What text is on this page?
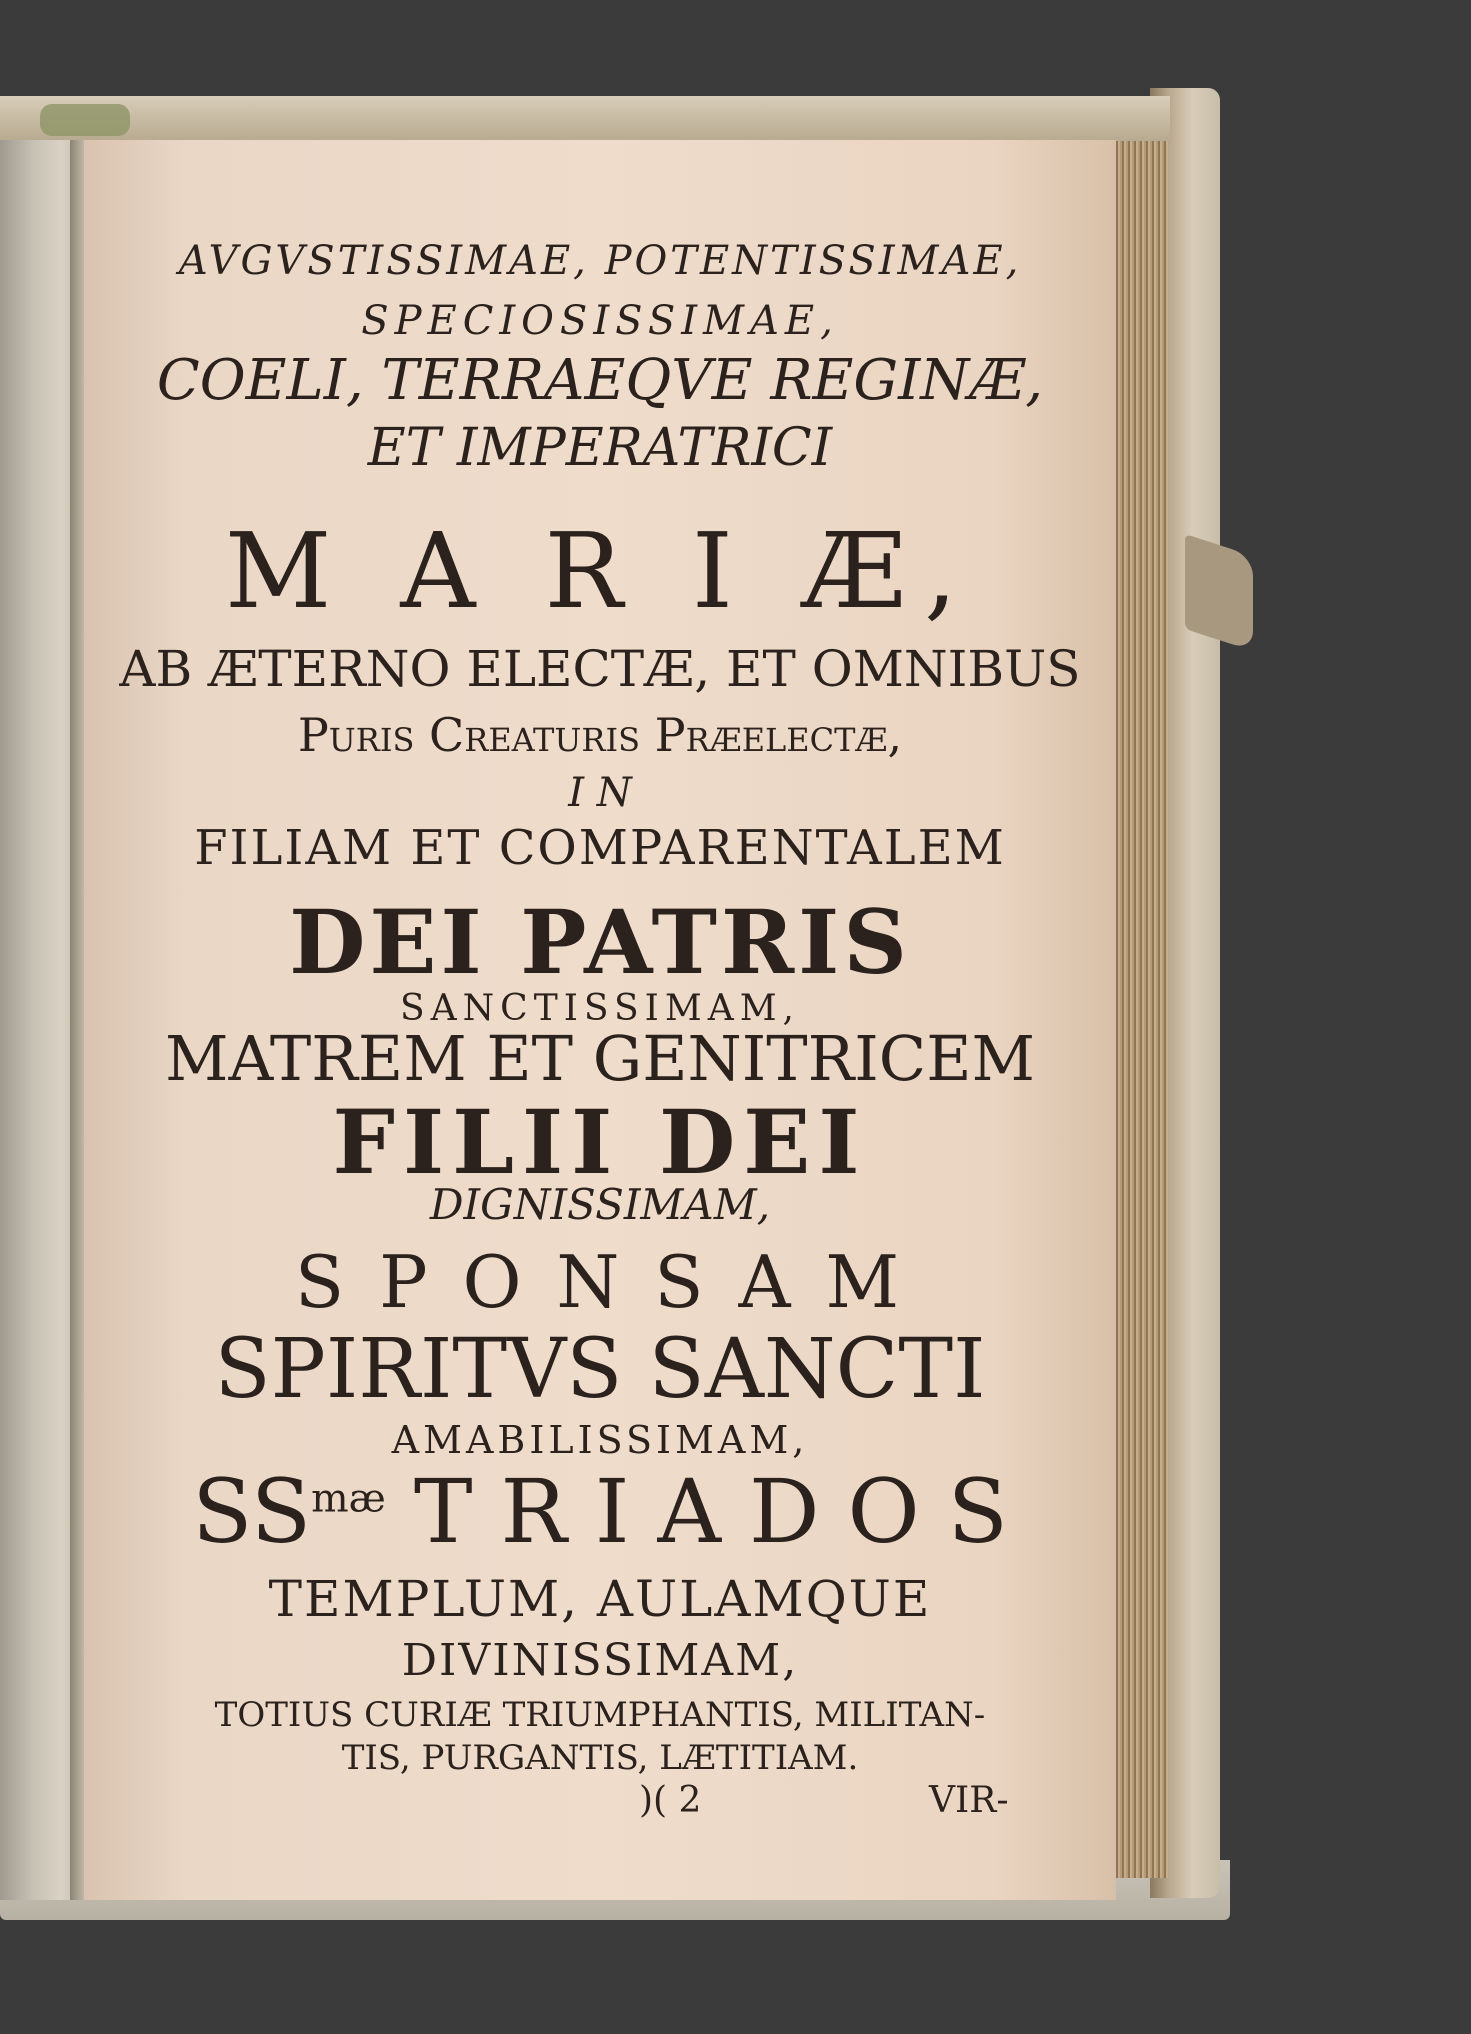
AVGVSTISSIMAE, POTENTISSIMAE,

SPECIOSISSIMAE,

COELI, TERRAEQVE REGINÆ,

ET IMPERATRICI

M A R I Æ,

AB ÆTERNO ELECTÆ, ET OMNIBUS

Puris Creaturis Præelectæ,

I N

FILIAM ET COMPARENTALEM

DEI PATRIS

SANCTISSIMAM,

MATREM ET GENITRICEM

FILII DEI

DIGNISSIMAM,

S P O N S A M

SPIRITVS SANCTI

AMABILISSIMAM,

$SS^{mæ}$ T R I A D O S

TEMPLUM, AULAMQUE

DIVINISSIMAM,

TOTIUS CURIÆ TRIUMPHANTIS, MILITAN-

TIS, PURGANTIS, LÆTITIAM.

)( 2	VIR-
